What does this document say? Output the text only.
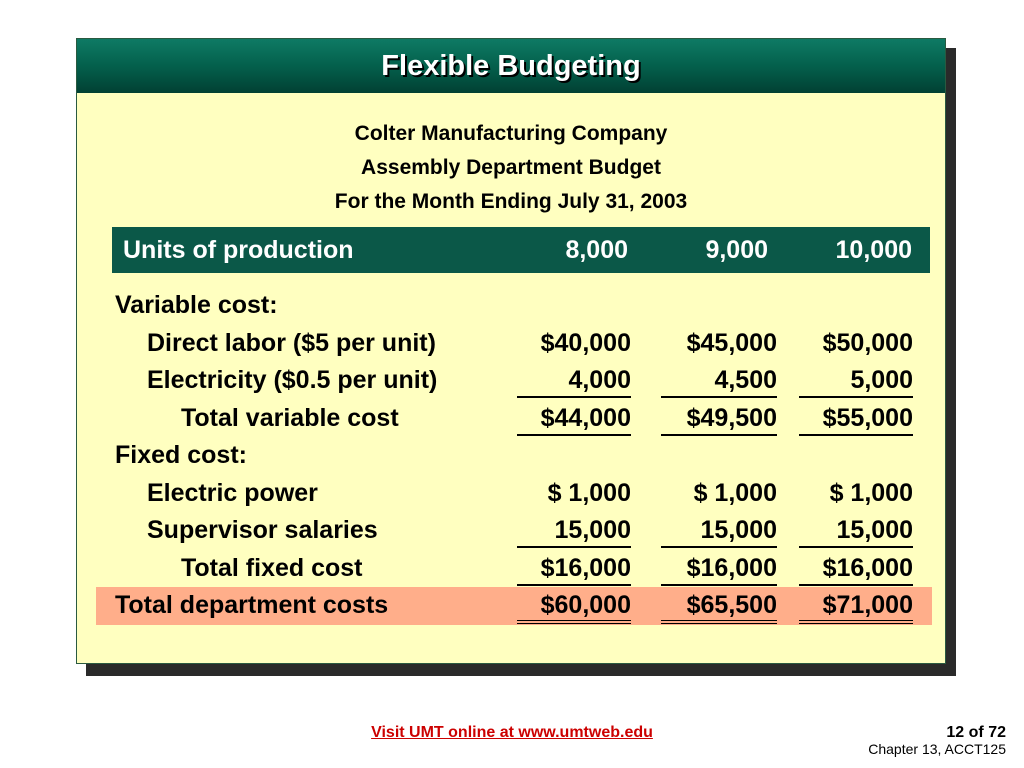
Flexible Budgeting
Colter Manufacturing Company
Assembly Department Budget
For the Month Ending July 31, 2003
Units of production	8,000	9,000	10,000
Variable cost:
Direct labor ($5 per unit)	$40,000	$45,000	$50,000
Electricity ($0.5 per unit)	4,000	4,500	5,000
Total variable cost	$44,000	$49,500	$55,000
Fixed cost:
Electric power	$ 1,000	$ 1,000	$ 1,000
Supervisor salaries	15,000	15,000	15,000
Total fixed cost	$16,000	$16,000	$16,000
Total department costs	$60,000	$65,500	$71,000
Visit UMT online at www.umtweb.edu	12 of 72
Chapter 13, ACCT125
